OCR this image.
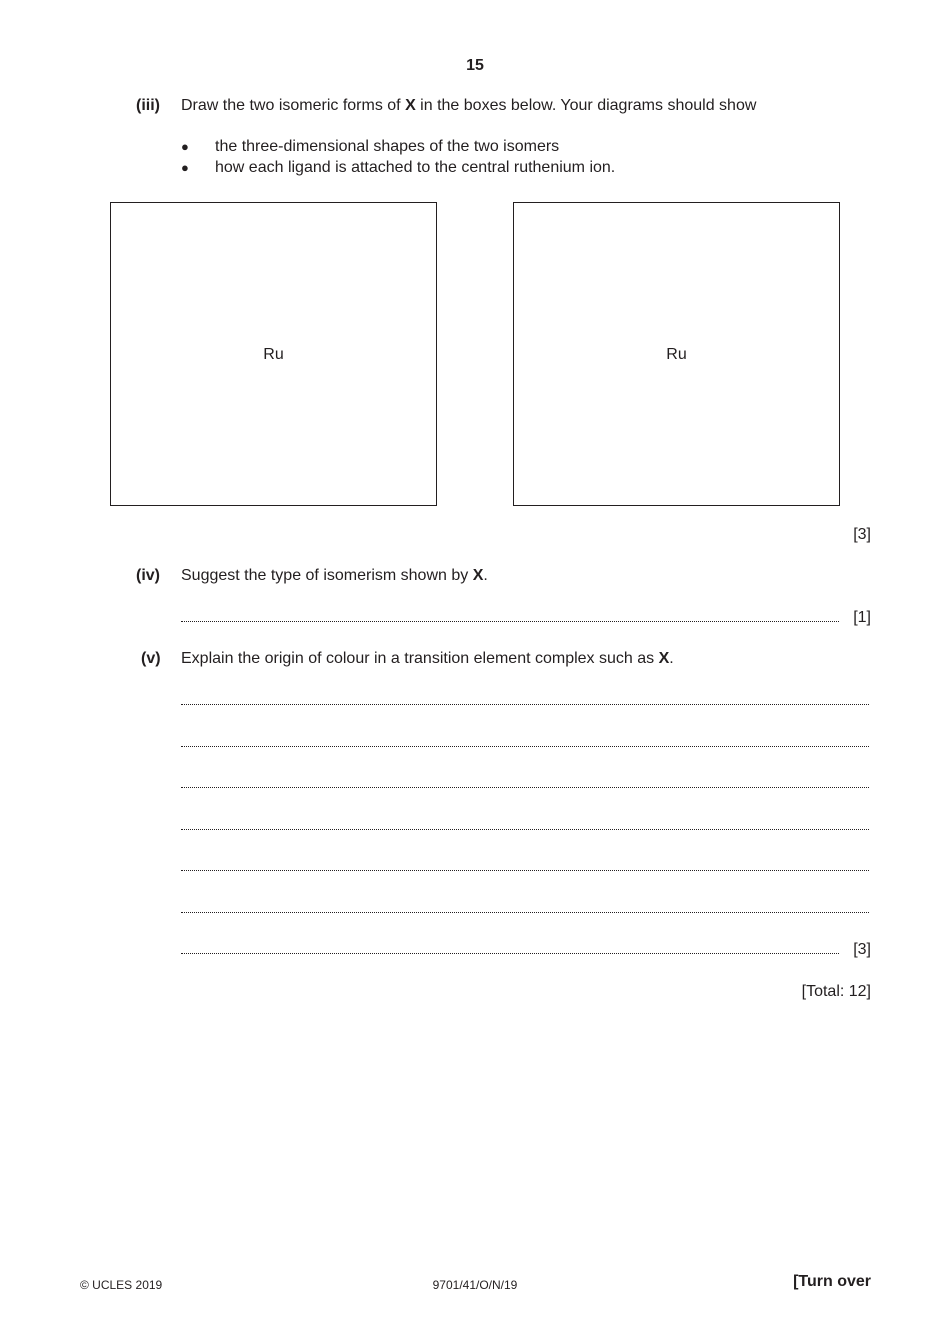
15
(iii) Draw the two isomeric forms of X in the boxes below. Your diagrams should show
● the three-dimensional shapes of the two isomers
● how each ligand is attached to the central ruthenium ion.
Ru	Ru
[3]
(iv) Suggest the type of isomerism shown by X.
[1]
(v) Explain the origin of colour in a transition element complex such as X.
[3]
[Total: 12]
© UCLES 2019	9701/41/O/N/19	[Turn over
